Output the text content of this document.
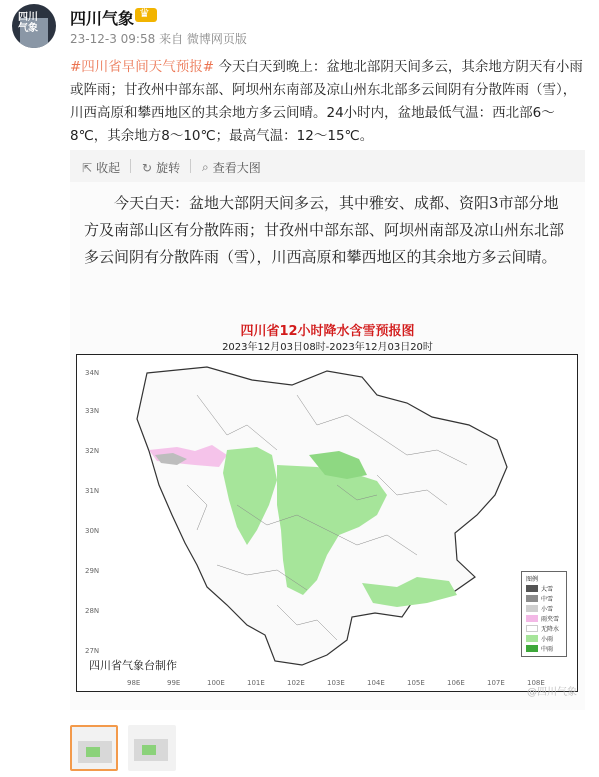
四川气象
四川气象
♛
23-12-3 09:58 来自 微博网页版
#四川省早间天气预报# 今天白天到晚上：盆地北部阴天间多云，其余地方阴天有小雨或阵雨；甘孜州中部东部、阿坝州东南部及凉山州东北部多云间阴有分散阵雨（雪），川西高原和攀西地区的其余地方多云间晴。24小时内，盆地最低气温：西北部6～8℃，其余地方8～10℃；最高气温：12～15℃。
⇱ 收起 ↻ 旋转 ⌕ 查看大图
今天白天：盆地大部阴天间多云，其中雅安、成都、资阳3市部分地方及南部山区有分散阵雨；甘孜州中部东部、阿坝州南部及凉山州东北部多云间阴有分散阵雨（雪），川西高原和攀西地区的其余地方多云间晴。
四川省12小时降水含雪预报图
2023年12月03日08时-2023年12月03日20时
34N
33N
32N
31N
30N
29N
28N
27N
98E	99E	100E	101E	102E	103E	104E	105E	106E	107E	108E
四川省气象台制作
图例
大雪
中雪
小雪
雨夹雪
无降水
小雨
中雨
@四川气象
